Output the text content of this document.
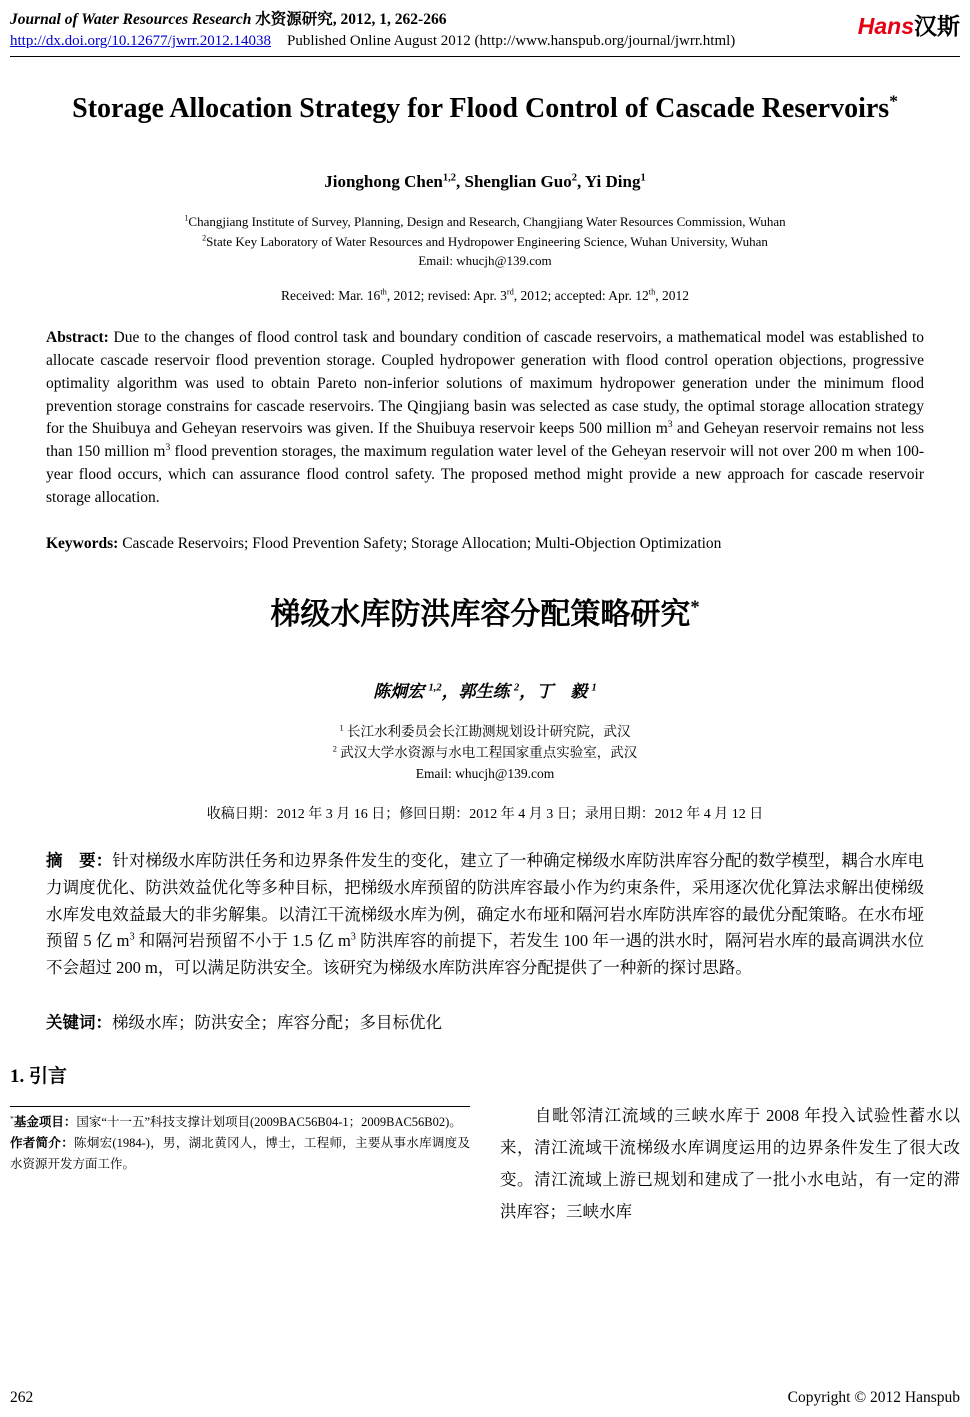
Journal of Water Resources Research 水资源研究, 2012, 1, 262-266
http://dx.doi.org/10.12677/jwrr.2012.14038 Published Online August 2012 (http://www.hanspub.org/journal/jwrr.html)
Hans汉斯
Storage Allocation Strategy for Flood Control of Cascade Reservoirs*
Jionghong Chen$^{1,2}$, Shenglian Guo$^2$, Yi Ding$^1$
$^1$Changjiang Institute of Survey, Planning, Design and Research, Changjiang Water Resources Commission, Wuhan
$^2$State Key Laboratory of Water Resources and Hydropower Engineering Science, Wuhan University, Wuhan
Email: whucjh@139.com
Received: Mar. 16th, 2012; revised: Apr. 3rd, 2012; accepted: Apr. 12th, 2012

Abstract: Due to the changes of flood control task and boundary condition of cascade reservoirs, a mathematical model was established to allocate cascade reservoir flood prevention storage. Coupled hydropower generation with flood control operation objections, progressive optimality algorithm was used to obtain Pareto non-inferior solutions of maximum hydropower generation under the minimum flood prevention storage constrains for cascade reservoirs. The Qingjiang basin was selected as case study, the optimal storage allocation strategy for the Shuibuya and Geheyan reservoirs was given. If the Shuibuya reservoir keeps 500 million $m^3$ and Geheyan reservoir remains not less than 150 million $m^3$ flood prevention storages, the maximum regulation water level of the Geheyan reservoir will not over 200 m when 100-year flood occurs, which can assurance flood control safety. The proposed method might provide a new approach for cascade reservoir storage allocation.

Keywords: Cascade Reservoirs; Flood Prevention Safety; Storage Allocation; Multi-Objection Optimization

梯级水库防洪库容分配策略研究*
陈炯宏 $^{1,2}$，郭生练 $^2$，丁　毅 $^1$
$^1$ 长江水利委员会长江勘测规划设计研究院，武汉
$^2$ 武汉大学水资源与水电工程国家重点实验室，武汉
Email: whucjh@139.com
收稿日期：2012 年 3 月 16 日；修回日期：2012 年 4 月 3 日；录用日期：2012 年 4 月 12 日

摘　要：针对梯级水库防洪任务和边界条件发生的变化，建立了一种确定梯级水库防洪库容分配的数学模型，耦合水库电力调度优化、防洪效益优化等多种目标，把梯级水库预留的防洪库容最小作为约束条件，采用逐次优化算法求解出使梯级水库发电效益最大的非劣解集。以清江干流梯级水库为例，确定水布垭和隔河岩水库防洪库容的最优分配策略。在水布垭预留 5 亿 $m^3$ 和隔河岩预留不小于 1.5 亿 $m^3$ 防洪库容的前提下，若发生 100 年一遇的洪水时，隔河岩水库的最高调洪水位不会超过 200 m，可以满足防洪安全。该研究为梯级水库防洪库容分配提供了一种新的探讨思路。

关键词：梯级水库；防洪安全；库容分配；多目标优化

1. 引言
*基金项目：国家“十一五”科技支撑计划项目(2009BAC56B04-1；2009BAC56B02)。
作者简介：陈炯宏(1984-)，男，湖北黄冈人，博士，工程师，主要从事水库调度及水资源开发方面工作。

　　自毗邻清江流域的三峡水库于 2008 年投入试验性蓄水以来，清江流域干流梯级水库调度运用的边界条件发生了很大改变。清江流域上游已规划和建成了一批小水电站，有一定的滞洪库容；三峡水库

262	Copyright © 2012 Hanspub
